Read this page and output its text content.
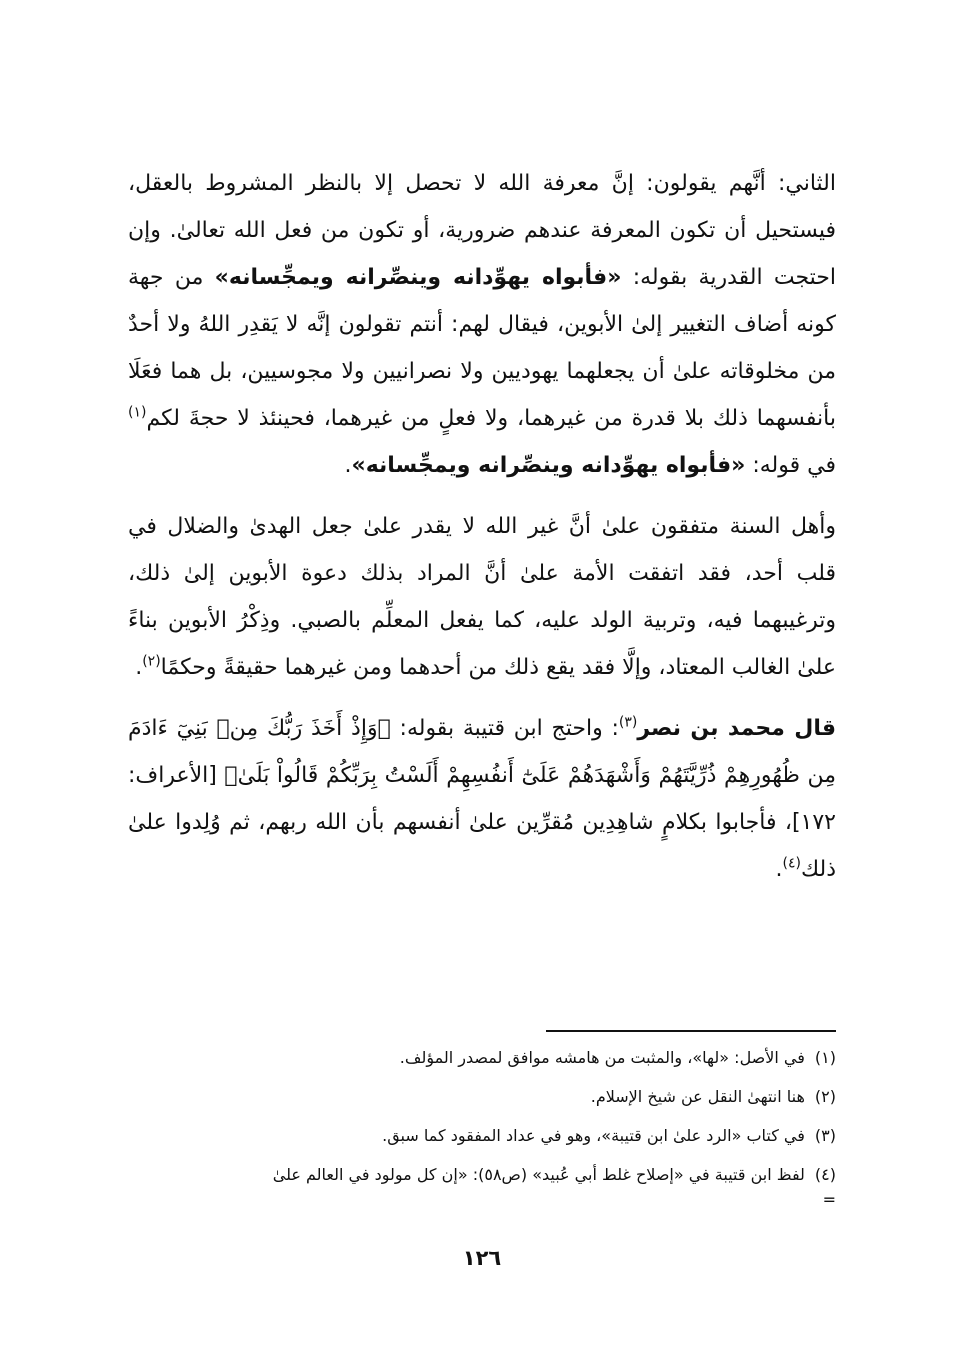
الثاني: أنَّهم يقولون: إنَّ معرفة الله لا تحصل إلا بالنظر المشروط بالعقل، فيستحيل أن تكون المعرفة عندهم ضرورية، أو تكون من فعل الله تعالىٰ. وإن احتجت القدرية بقوله: «فأبواه يهوِّدانه وينصِّرانه ويمجِّسانه» من جهة كونه أضاف التغيير إلىٰ الأبوين، فيقال لهم: أنتم تقولون إنَّه لا يَقدِر اللهُ ولا أحدٌ من مخلوقاته علىٰ أن يجعلهما يهوديين ولا نصرانيين ولا مجوسيين، بل هما فعَلَا بأنفسهما ذلك بلا قدرة من غيرهما، ولا فعلٍ من غيرهما، فحينئذ لا حجةَ لكم$^{(١)}$ في قوله: «فأبواه يهوِّدانه وينصِّرانه ويمجِّسانه».

وأهل السنة متفقون علىٰ أنَّ غير الله لا يقدر علىٰ جعل الهدىٰ والضلال في قلب أحد، فقد اتفقت الأمة علىٰ أنَّ المراد بذلك دعوة الأبوين إلىٰ ذلك، وترغيبهما فيه، وتربية الولد عليه، كما يفعل المعلِّم بالصبي. وذِكْرُ الأبوين بناءً علىٰ الغالب المعتاد، وإلَّا فقد يقع ذلك من أحدهما ومن غيرهما حقيقةً وحكمًا$^{(٢)}$.

قال محمد بن نصر$^{(٣)}$: واحتج ابن قتيبة بقوله: ﴿وَإِذْ أَخَذَ رَبُّكَ مِنۢ بَنِيٓ ءَادَمَ مِن ظُهُورِهِمْ ذُرِّيَّتَهُمْ وَأَشْهَدَهُمْ عَلَىٰٓ أَنفُسِهِمْ أَلَسْتُ بِرَبِّكُمْ قَالُواْ بَلَىٰ﴾ [الأعراف: ١٧٢]، فأجابوا بكلامٍ شاهِدِين مُقرِّين علىٰ أنفسهم بأن الله ربهم، ثم وُلِدوا علىٰ ذلك$^{(٤)}$.

(١)في الأصل: «لها»، والمثبت من هامشه موافق لمصدر المؤلف.

(٢)هنا انتهىٰ النقل عن شيخ الإسلام.

(٣)في كتاب «الرد علىٰ ابن قتيبة»، وهو في عداد المفقود كما سبق.

(٤)لفظ ابن قتيبة في «إصلاح غلط أبي عُبيد» (ص٥٨): «إن كل مولود في العالم علىٰ

=
١٢٦
